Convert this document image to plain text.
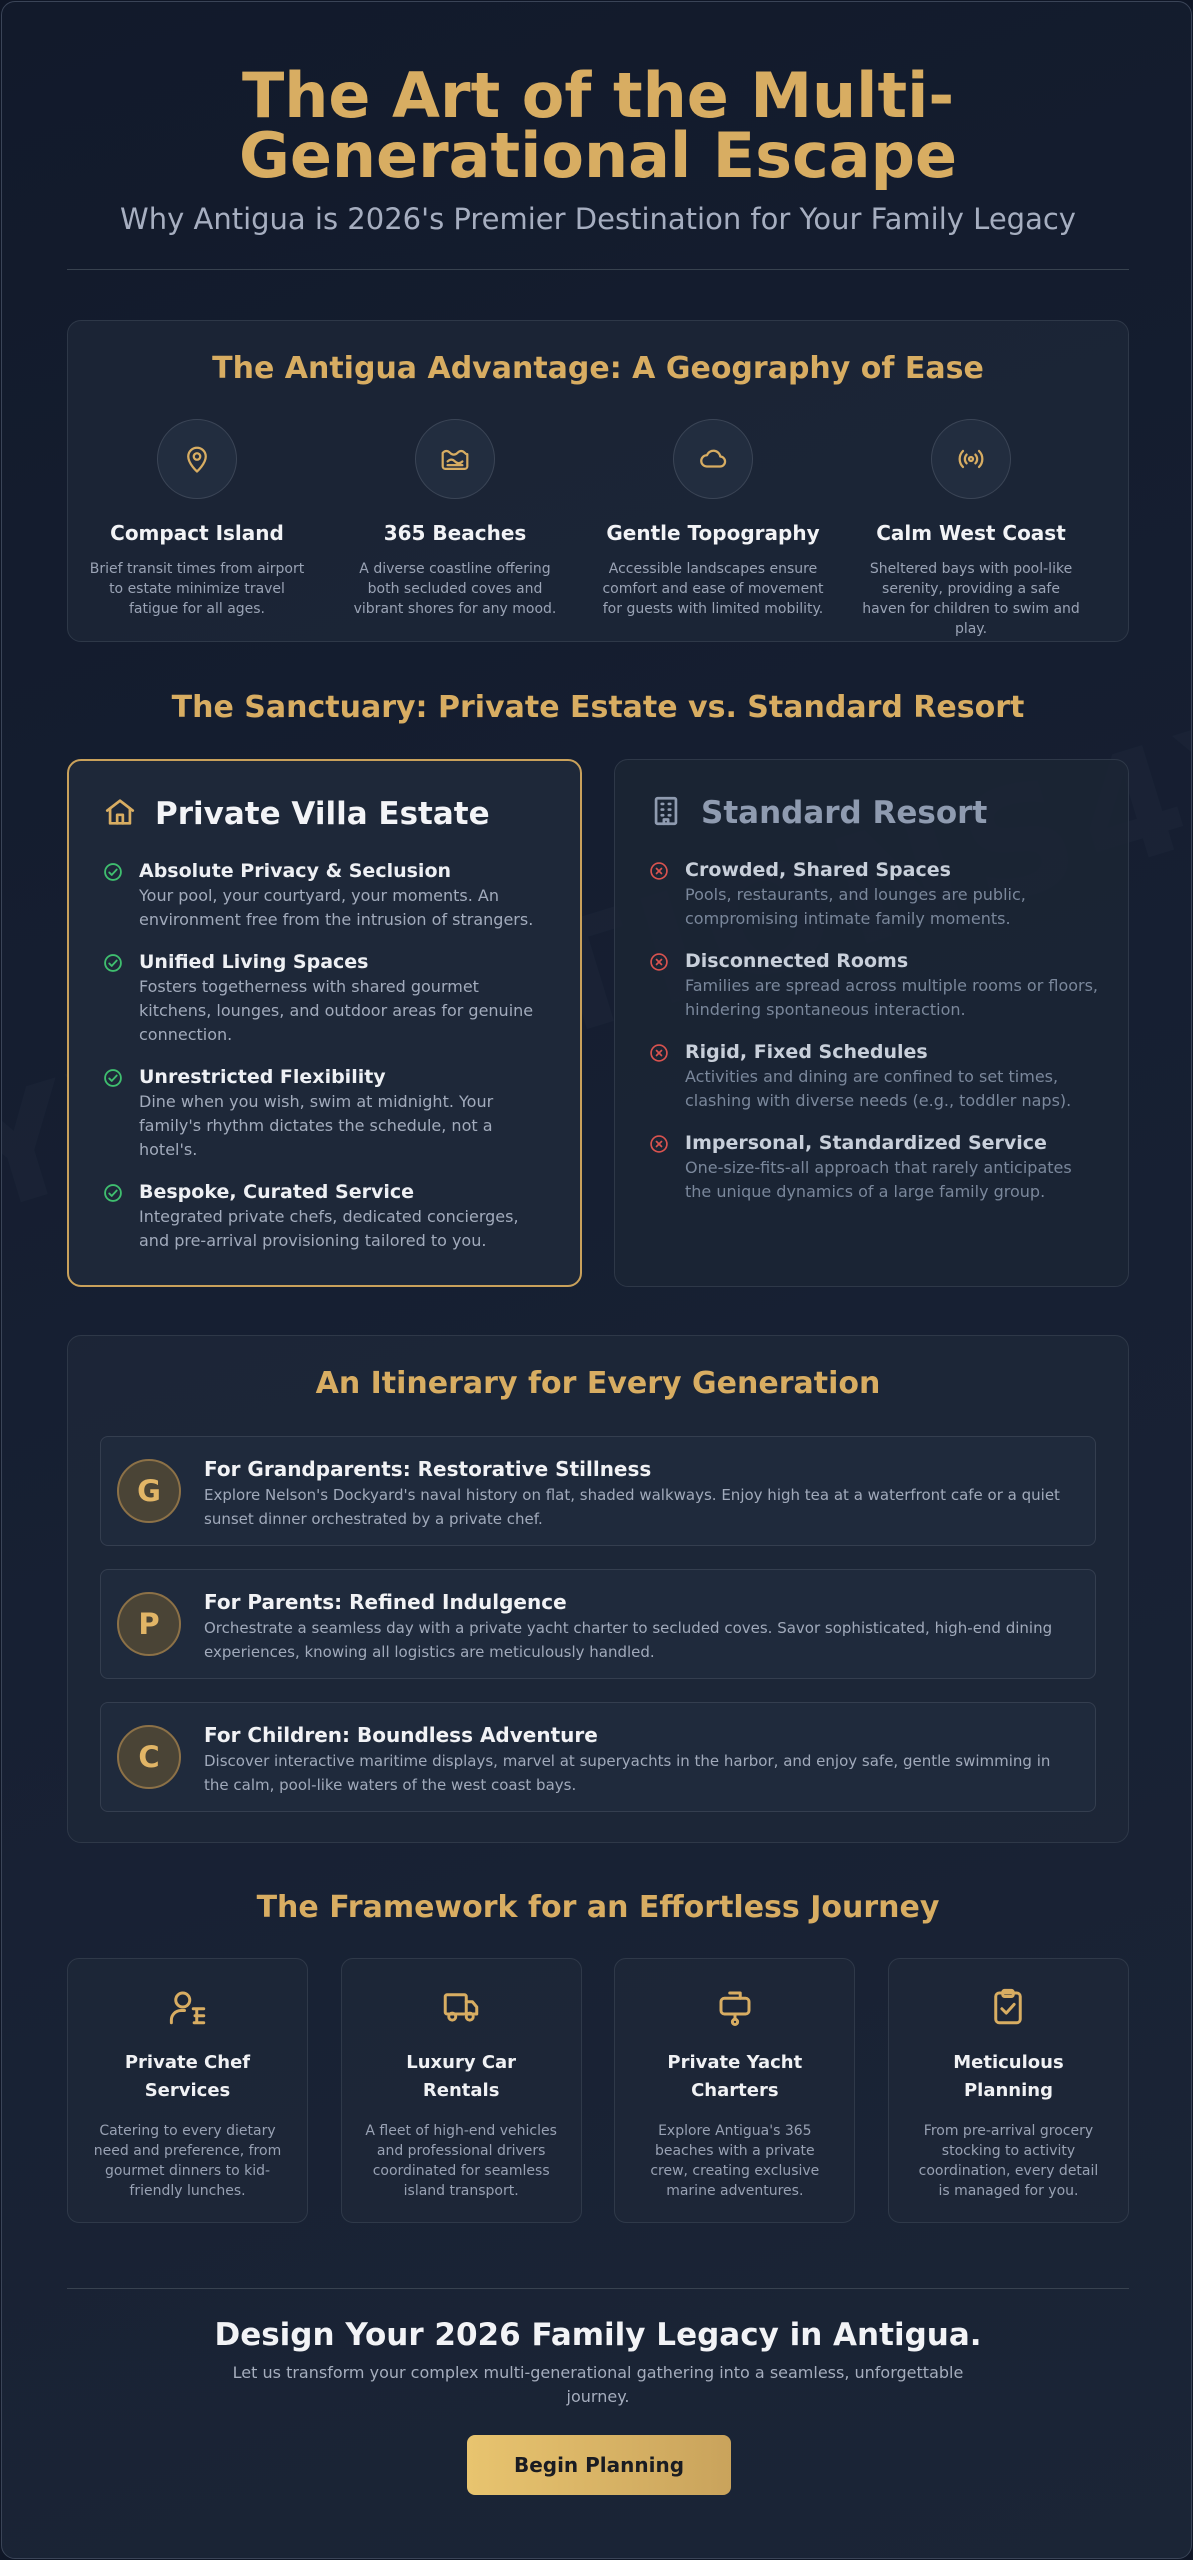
The Art of the Multi-Generational Escape
Why Antigua is 2026's Premier Destination for Your Family Legacy
The Antigua Advantage: A Geography of Ease
Compact Island
Brief transit times from airport to estate minimize travel fatigue for all ages.
365 Beaches
A diverse coastline offering both secluded coves and vibrant shores for any mood.
Gentle Topography
Accessible landscapes ensure comfort and ease of movement for guests with limited mobility.
Calm West Coast
Sheltered bays with pool-like serenity, providing a safe haven for children to swim and play.
The Sanctuary: Private Estate vs. Standard Resort
Private Villa Estate
Absolute Privacy & Seclusion
Your pool, your courtyard, your moments. An environment free from the intrusion of strangers.
Unified Living Spaces
Fosters togetherness with shared gourmet kitchens, lounges, and outdoor areas for genuine connection.
Unrestricted Flexibility
Dine when you wish, swim at midnight. Your family's rhythm dictates the schedule, not a hotel's.
Bespoke, Curated Service
Integrated private chefs, dedicated concierges, and pre-arrival provisioning tailored to you.
Standard Resort
Crowded, Shared Spaces
Pools, restaurants, and lounges are public, compromising intimate family moments.
Disconnected Rooms
Families are spread across multiple rooms or floors, hindering spontaneous interaction.
Rigid, Fixed Schedules
Activities and dining are confined to set times, clashing with diverse needs (e.g., toddler naps).
Impersonal, Standardized Service
One-size-fits-all approach that rarely anticipates the unique dynamics of a large family group.
An Itinerary for Every Generation
G
For Grandparents: Restorative Stillness
Explore Nelson's Dockyard's naval history on flat, shaded walkways. Enjoy high tea at a waterfront cafe or a quiet sunset dinner orchestrated by a private chef.
P
For Parents: Refined Indulgence
Orchestrate a seamless day with a private yacht charter to secluded coves. Savor sophisticated, high-end dining experiences, knowing all logistics are meticulously handled.
C
For Children: Boundless Adventure
Discover interactive maritime displays, marvel at superyachts in the harbor, and enjoy safe, gentle swimming in the calm, pool-like waters of the west coast bays.
The Framework for an Effortless Journey
Private Chef Services
Catering to every dietary need and preference, from gourmet dinners to kid-friendly lunches.
Luxury Car Rentals
A fleet of high-end vehicles and professional drivers coordinated for seamless island transport.
Private Yacht Charters
Explore Antigua's 365 beaches with a private crew, creating exclusive marine adventures.
Meticulous Planning
From pre-arrival grocery stocking to activity coordination, every detail is managed for you.
Design Your 2026 Family Legacy in Antigua.
Let us transform your complex multi-generational gathering into a seamless, unforgettable journey.
Begin Planning
